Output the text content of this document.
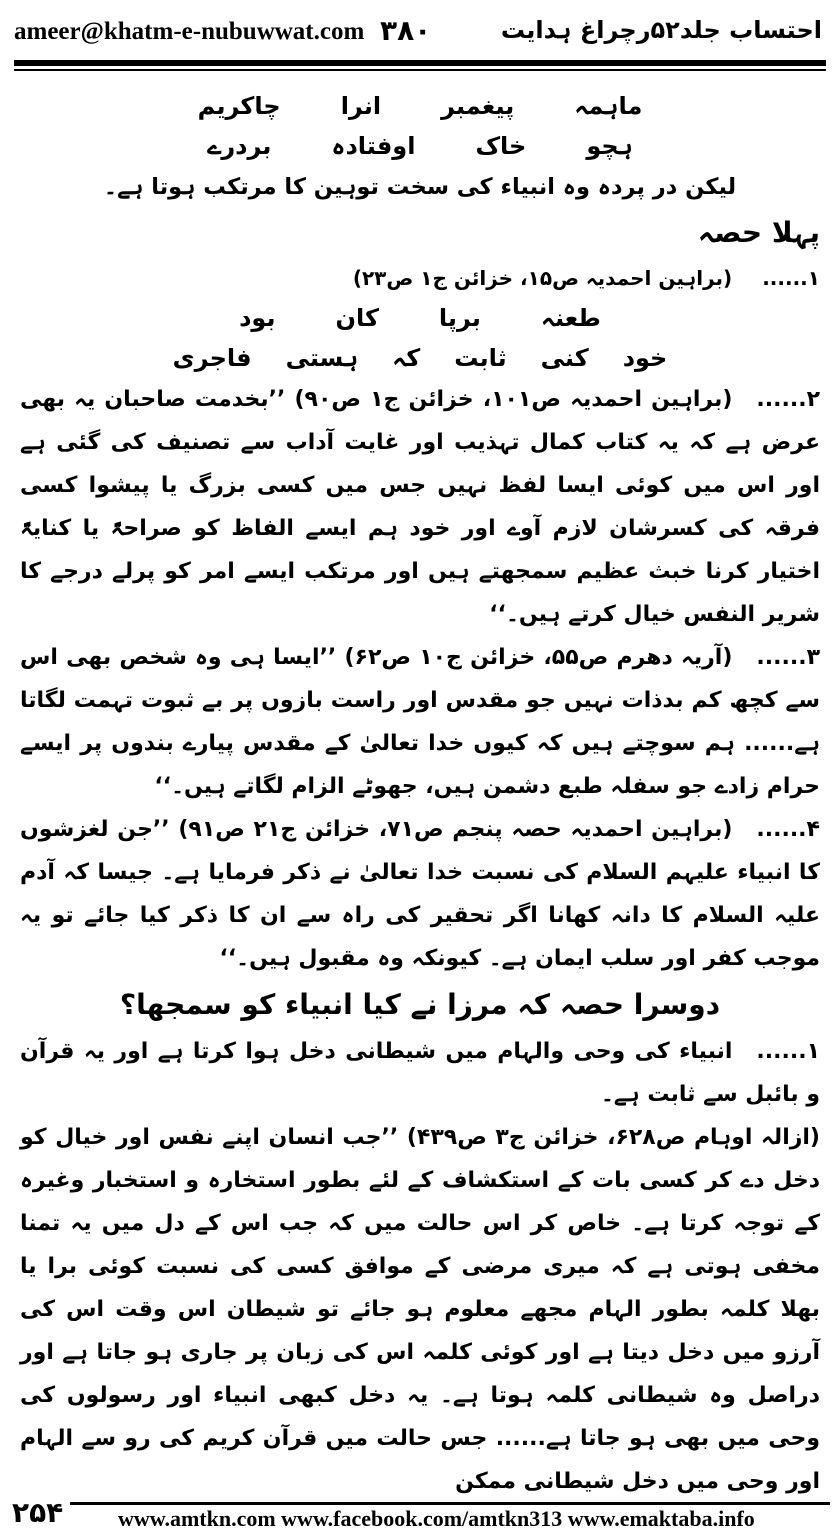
ameer@khatm-e-nubuwwat.com ۳۸۰	احتساب جلد۵۲رچراغ ہدایت
ماہمہ
پیغمبر
انرا
چاکریم
ہچو
خاک
اوفتادہ
بردرے
لیکن در پردہ وہ انبیاء کی سخت توہین کا مرتکب ہوتا ہے۔
پہلا حصہ
۱......(براہین احمدیہ ص۱۵، خزائن ج۱ ص۲۳)
طعنہ
برپا
کان
بود
خود
کنی
ثابت
کہ
ہستی
فاجری
۲......(براہین احمدیہ ص۱۰۱، خزائن ج۱ ص۹۰) ’’بخدمت صاحبان یہ بھی عرض ہے کہ یہ کتاب کمال تہذیب اور غایت آداب سے تصنیف کی گئی ہے اور اس میں کوئی ایسا لفظ نہیں جس میں کسی بزرگ یا پیشوا کسی فرقہ کی کسرشان لازم آوے اور خود ہم ایسے الفاظ کو صراحۃً یا کنایۃً اختیار کرنا خبث عظیم سمجھتے ہیں اور مرتکب ایسے امر کو پرلے درجے کا شریر النفس خیال کرتے ہیں۔‘‘
۳......(آریہ دھرم ص۵۵، خزائن ج۱۰ ص۶۲) ’’ایسا ہی وہ شخص بھی اس سے کچھ کم بدذات نہیں جو مقدس اور راست بازوں پر بے ثبوت تہمت لگاتا ہے...... ہم سوچتے ہیں کہ کیوں خدا تعالیٰ کے مقدس پیارے بندوں پر ایسے حرام زادے جو سفلہ طبع دشمن ہیں، جھوٹے الزام لگاتے ہیں۔‘‘
۴......(براہین احمدیہ حصہ پنجم ص۷۱، خزائن ج۲۱ ص۹۱) ’’جن لغزشوں کا انبیاء علیہم السلام کی نسبت خدا تعالیٰ نے ذکر فرمایا ہے۔ جیسا کہ آدم علیہ السلام کا دانہ کھانا اگر تحقیر کی راہ سے ان کا ذکر کیا جائے تو یہ موجب کفر اور سلب ایمان ہے۔ کیونکہ وہ مقبول ہیں۔‘‘
دوسرا حصہ کہ مرزا نے کیا انبیاء کو سمجھا؟
۱......انبیاء کی وحی والہام میں شیطانی دخل ہوا کرتا ہے اور یہ قرآن و بائبل سے ثابت ہے۔
(ازالہ اوہام ص۶۲۸، خزائن ج۳ ص۴۳۹) ’’جب انسان اپنے نفس اور خیال کو دخل دے کر کسی بات کے استکشاف کے لئے بطور استخارہ و استخبار وغیرہ کے توجہ کرتا ہے۔ خاص کر اس حالت میں کہ جب اس کے دل میں یہ تمنا مخفی ہوتی ہے کہ میری مرضی کے موافق کسی کی نسبت کوئی برا یا بھلا کلمہ بطور الہام مجھے معلوم ہو جائے تو شیطان اس وقت اس کی آرزو میں دخل دیتا ہے اور کوئی کلمہ اس کی زبان پر جاری ہو جاتا ہے اور دراصل وہ شیطانی کلمہ ہوتا ہے۔ یہ دخل کبھی انبیاء اور رسولوں کی وحی میں بھی ہو جاتا ہے...... جس حالت میں قرآن کریم کی رو سے الہام اور وحی میں دخل شیطانی ممکن
۲۵۴ www.amtkn.com www.facebook.com/amtkn313 www.emaktaba.info
